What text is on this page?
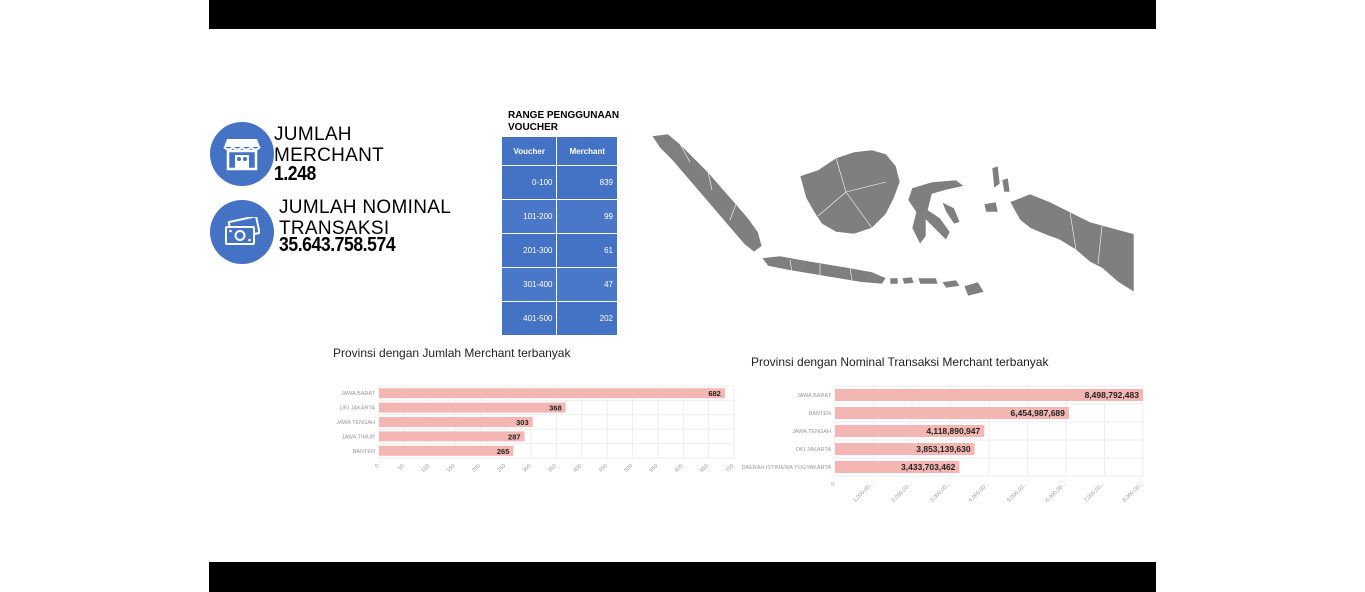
JUMLAH
MERCHANT
1.248
JUMLAH NOMINAL
TRANSAKSI
35.643.758.574
RANGE PENGGUNAAN VOUCHER
Voucher	Merchant
0-100	839
101-200	99
201-300	61
301-400	47
401-500	202
Provinsi dengan Jumlah Merchant terbanyak
Provinsi dengan Nominal Transaksi Merchant terbanyak
0	50	100	150	200	250	300	350	400	450	500	550	600	650	700
JAWA BARAT	682
DKI JAKARTA	368
JAWA TENGAH	303
JAWA TIMUR	287
BANTEN	265
0	1,000,00...	2,000,00...	3,000,00...	4,000,00...	5,000,00...	6,000,00...	7,000,00...	8,000,00...
JAWA BARAT	8,498,792,483
BANTEN	6,454,987,689
JAWA TENGAH	4,118,890,947
DKI JAKARTA	3,853,139,630
DAERAH ISTIMEWA YOGYAKARTA	3,433,703,462
